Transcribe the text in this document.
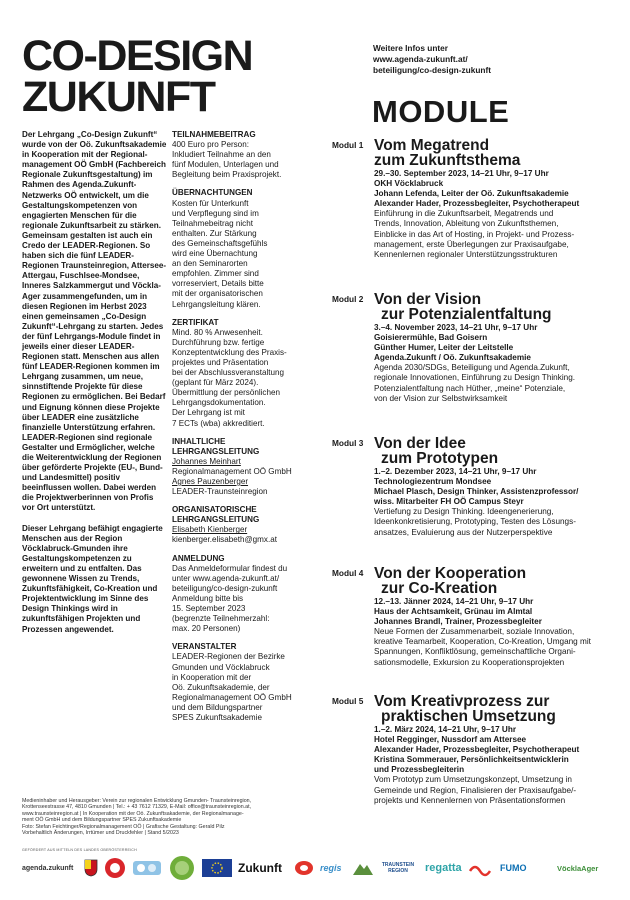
CO-DESIGN
ZUKUNFT
Weitere Infos unter
www.agenda-zukunft.at/
beteiligung/co-design-zukunft
MODULE

Der Lehrgang „Co-Design Zukunft“ wurde von der Oö. Zukunftsakademie in Kooperation mit der Regional-management OÖ GmbH (Fachbereich Regionale Zukunftsgestaltung) im Rahmen des Agenda.Zukunft-Netzwerks OÖ entwickelt, um die Gestaltungskompetenzen von engagierten Menschen für die regionale Zukunftsarbeit zu stärken. Gemeinsam gestalten ist auch ein Credo der LEADER-Regionen. So haben sich die fünf LEADER-Regionen Traunsteinregion, Attersee-Attergau, Fuschlsee-Mondsee, Inneres Salzkammergut und Vöckla-Ager zusammengefunden, um in diesen Regionen im Herbst 2023 einen gemeinsamen „Co-Design Zukunft“-Lehrgang zu starten. Jedes der fünf Lehrgangs-Module findet in jeweils einer dieser LEADER-Regionen statt. Menschen aus allen fünf LEADER-Regionen kommen im Lehrgang zusammen, um neue, sinnstiftende Projekte für diese Regionen zu ermöglichen. Bei Bedarf und Eignung können diese Projekte über LEADER eine zusätzliche finanzielle Unterstützung erfahren. LEADER-Regionen sind regionale Gestalter und Ermöglicher, welche die Weiterentwicklung der Regionen über geförderte Projekte (EU-, Bund- und Landesmittel) positiv beeinflussen wollen. Dabei werden die Projektwerberinnen von Profis vor Ort unterstützt.

Dieser Lehrgang befähigt engagierte Menschen aus der Region Vöcklabruck-Gmunden ihre Gestaltungskompetenzen zu erweitern und zu entfalten. Das gewonnene Wissen zu Trends, Zukunftsfähigkeit, Co-Kreation und Projektentwicklung im Sinne des Design Thinkings wird in zukunftsfähigen Projekten und Prozessen angewendet.

TEILNAHMEBEITRAG
400 Euro pro Person:
Inkludiert Teilnahme an den
fünf Modulen, Unterlagen und
Begleitung beim Praxisprojekt.
ÜBERNACHTUNGEN
Kosten für Unterkunft
und Verpflegung sind im
Teilnahmebeitrag nicht
enthalten. Zur Stärkung
des Gemeinschaftsgefühls
wird eine Übernachtung
an den Seminarorten
empfohlen. Zimmer sind
vorreserviert, Details bitte
mit der organisatorischen
Lehrgangsleitung klären.
ZERTIFIKAT
Mind. 80 % Anwesenheit.
Durchführung bzw. fertige
Konzeptentwicklung des Praxis-
projektes und Präsentation
bei der Abschlussveranstaltung
(geplant für März 2024).
Übermittlung der persönlichen
Lehrgangsdokumentation.
Der Lehrgang ist mit
7 ECTs (wba) akkreditiert.
INHALTLICHE
LEHRGANGSLEITUNG
Johannes Meinhart
Regionalmanagement OÖ GmbH
Agnes Pauzenberger
LEADER-Traunsteinregion
ORGANISATORISCHE
LEHRGANGSLEITUNG
Elisabeth Kienberger
kienberger.elisabeth@gmx.at
ANMELDUNG
Das Anmeldeformular findest du
unter www.agenda-zukunft.at/
beteiligung/co-design-zukunft
Anmeldung bitte bis
15. September 2023
(begrenzte Teilnehmerzahl:
max. 20 Personen)
VERANSTALTER
LEADER-Regionen der Bezirke
Gmunden und Vöcklabruck
in Kooperation mit der
Oö. Zukunftsakademie, der
Regionalmanagement OÖ GmbH
und dem Bildungspartner
SPES Zukunftsakademie
Modul 1 Vom Megatrend
zum Zukunftsthema
29.–30. September 2023, 14–21 Uhr, 9–17 Uhr
OKH Vöcklabruck
Johann Lefenda, Leiter der Oö. Zukunftsakademie
Alexander Hader, Prozessbegleiter, Psychotherapeut
Einführung in die Zukunftsarbeit, Megatrends und
Trends, Innovation, Ableitung von Zukunftsthemen,
Einblicke in das Art of Hosting, in Projekt- und Prozess-
management, erste Überlegungen zur Praxisaufgabe,
Kennenlernen regionaler Unterstützungsstrukturen
Modul 2 Von der Vision
zur Potenzialentfaltung
3.–4. November 2023, 14–21 Uhr, 9–17 Uhr
Goisierermühle, Bad Goisern
Günther Humer, Leiter der Leitstelle
Agenda.Zukunft / Oö. Zukunftsakademie
Agenda 2030/SDGs, Beteiligung und Agenda.Zukunft,
regionale Innovationen, Einführung zu Design Thinking.
Potenzialentfaltung nach Hüther, „meine“ Potenziale,
von der Vision zur Selbstwirksamkeit
Modul 3 Von der Idee
zum Prototypen
1.–2. Dezember 2023, 14–21 Uhr, 9–17 Uhr
Technologiezentrum Mondsee
Michael Plasch, Design Thinker, Assistenzprofessor/
wiss. Mitarbeiter FH OÖ Campus Steyr
Vertiefung zu Design Thinking. Ideengenerierung,
Ideenkonkretisierung, Prototyping, Testen des Lösungs-
ansatzes, Evaluierung aus der Nutzerperspektive
Modul 4 Von der Kooperation
zur Co-Kreation
12.–13. Jänner 2024, 14–21 Uhr, 9–17 Uhr
Haus der Achtsamkeit, Grünau im Almtal
Johannes Brandl, Trainer, Prozessbegleiter
Neue Formen der Zusammenarbeit, soziale Innovation,
kreative Teamarbeit, Kooperation, Co-Kreation, Umgang mit
Spannungen, Konfliktlösung, gemeinschaftliche Organi-
sationsmodelle, Exkursion zu Kooperationsprojekten
Modul 5 Vom Kreativprozess zur
praktischen Umsetzung
1.–2. März 2024, 14–21 Uhr, 9–17 Uhr
Hotel Regginger, Nussdorf am Attersee
Alexander Hader, Prozessbegleiter, Psychotherapeut
Kristina Sommerauer, Persönlichkeitsentwicklerin
und Prozessbegleiterin
Vom Prototyp zum Umsetzungskonzept, Umsetzung in
Gemeinde und Region, Finalisieren der Praxisaufgabe/-
projekts und Kennenlernen von Präsentationsformen
Medieninhaber und Herausgeber: Verein zur regionalen Entwicklung Gmunden- Traunsteinregion,
Krottenseestrasse 47, 4810 Gmunden | Tel.: + 43 7612 71329, E-Mail: office@traunsteinregion.at,
www.traunsteinregion.at | In Kooperation mit der Oö. Zukunftsakademie, der Regionalmanage-
ment OÖ GmbH und dem Bildungspartner SPES Zukunftsakademie
Foto: Stefan Feichtinger/Regionalmanagement OÖ | Grafische Gestaltung: Gerald Pilz
Vorbehaltlich Änderungen, Irrtümer und Druckfehler | Stand 5/2023
GEFÖRDERT AUS MITTELN DES LANDES OBERÖSTERREICH
agenda.zukunft	Zukunft	regis	TRAUNSTEIN REGION	regatta	FUMO	VöcklaAger
